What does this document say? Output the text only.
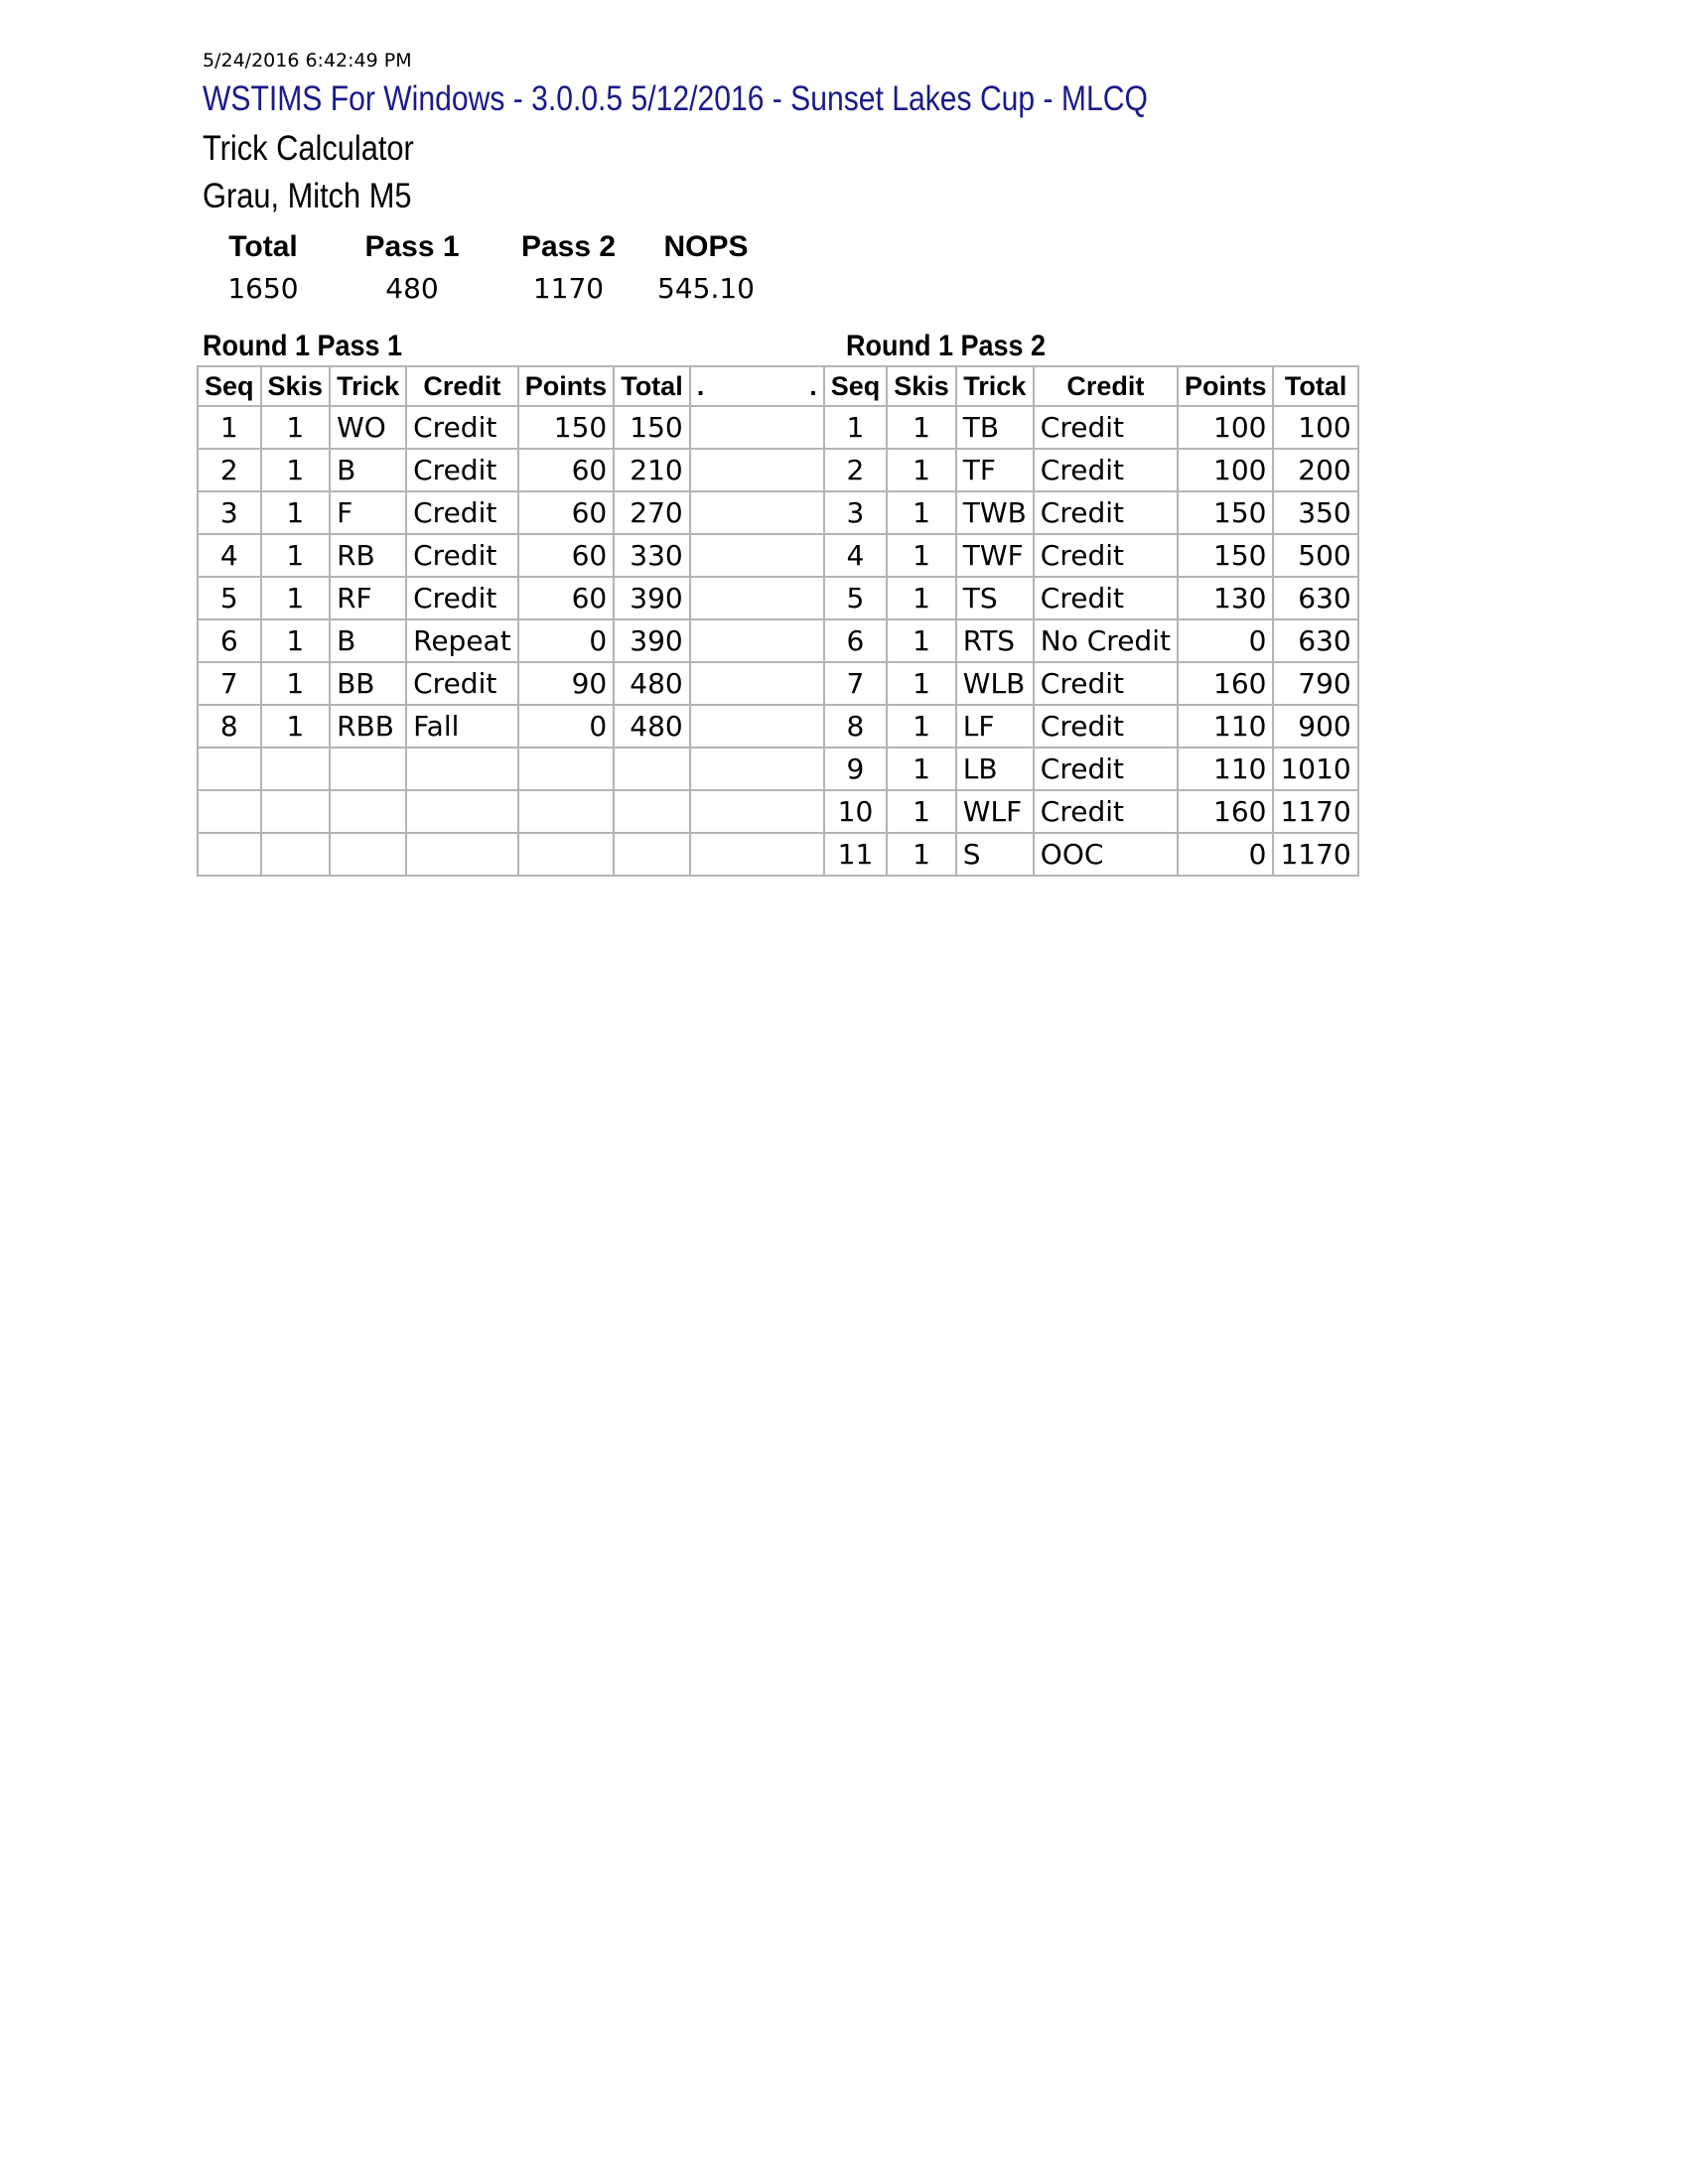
5/24/2016 6:42:49 PM
WSTIMS For Windows - 3.0.0.5 5/12/2016 - Sunset Lakes Cup - MLCQ
Trick Calculator
Grau, Mitch M5
Total	Pass 1	Pass 2	NOPS
1650	480	1170	545.10
Round 1 Pass 1	Round 1 Pass 2
Seq	Skis	Trick	Credit	Points	Total	. .	Seq	Skis	Trick	Credit	Points	Total
1	1	WO	Credit	150	150		1	1	TB	Credit	100	100
2	1	B	Credit	60	210		2	1	TF	Credit	100	200
3	1	F	Credit	60	270		3	1	TWB	Credit	150	350
4	1	RB	Credit	60	330		4	1	TWF	Credit	150	500
5	1	RF	Credit	60	390		5	1	TS	Credit	130	630
6	1	B	Repeat	0	390		6	1	RTS	No Credit	0	630
7	1	BB	Credit	90	480		7	1	WLB	Credit	160	790
8	1	RBB	Fall	0	480		8	1	LF	Credit	110	900
							9	1	LB	Credit	110	1010
							10	1	WLF	Credit	160	1170
							11	1	S	OOC	0	1170
